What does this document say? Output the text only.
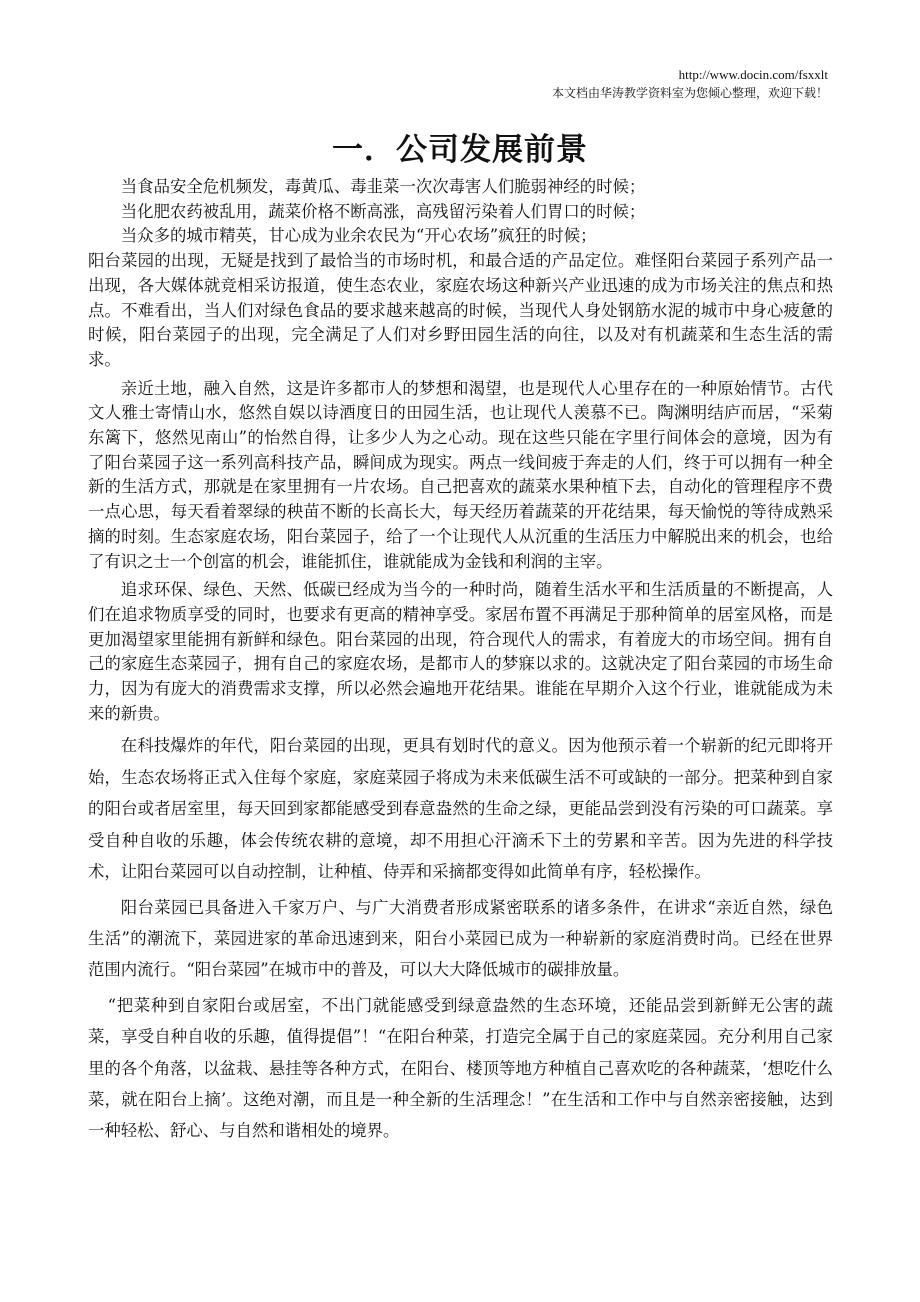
http://www.docin.com/fsxxlt
本文档由华涛教学资料室为您倾心整理，欢迎下载！
一．公司发展前景

当食品安全危机频发，毒黄瓜、毒韭菜一次次毒害人们脆弱神经的时候；

当化肥农药被乱用，蔬菜价格不断高涨，高残留污染着人们胃口的时候；

当众多的城市精英，甘心成为业余农民为“开心农场”疯狂的时候；

阳台菜园的出现，无疑是找到了最恰当的市场时机，和最合适的产品定位。难怪阳台菜园子系列产品一出现，各大媒体就竞相采访报道，使生态农业，家庭农场这种新兴产业迅速的成为市场关注的焦点和热点。不难看出，当人们对绿色食品的要求越来越高的时候，当现代人身处钢筋水泥的城市中身心疲惫的时候，阳台菜园子的出现，完全满足了人们对乡野田园生活的向往，以及对有机蔬菜和生态生活的需求。

亲近土地，融入自然，这是许多都市人的梦想和渴望，也是现代人心里存在的一种原始情节。古代文人雅士寄情山水，悠然自娱以诗酒度日的田园生活，也让现代人羡慕不已。陶渊明结庐而居，“采菊东篱下，悠然见南山”的怡然自得，让多少人为之心动。现在这些只能在字里行间体会的意境，因为有了阳台菜园子这一系列高科技产品，瞬间成为现实。两点一线间疲于奔走的人们，终于可以拥有一种全新的生活方式，那就是在家里拥有一片农场。自己把喜欢的蔬菜水果种植下去，自动化的管理程序不费一点心思，每天看着翠绿的秧苗不断的长高长大，每天经历着蔬菜的开花结果，每天愉悦的等待成熟采摘的时刻。生态家庭农场，阳台菜园子，给了一个让现代人从沉重的生活压力中解脱出来的机会，也给了有识之士一个创富的机会，谁能抓住，谁就能成为金钱和利润的主宰。

追求环保、绿色、天然、低碳已经成为当今的一种时尚，随着生活水平和生活质量的不断提高，人们在追求物质享受的同时，也要求有更高的精神享受。家居布置不再满足于那种简单的居室风格，而是更加渴望家里能拥有新鲜和绿色。阳台菜园的出现，符合现代人的需求，有着庞大的市场空间。拥有自己的家庭生态菜园子，拥有自己的家庭农场，是都市人的梦寐以求的。这就决定了阳台菜园的市场生命力，因为有庞大的消费需求支撑，所以必然会遍地开花结果。谁能在早期介入这个行业，谁就能成为未来的新贵。

在科技爆炸的年代，阳台菜园的出现，更具有划时代的意义。因为他预示着一个崭新的纪元即将开始，生态农场将正式入住每个家庭，家庭菜园子将成为未来低碳生活不可或缺的一部分。把菜种到自家的阳台或者居室里，每天回到家都能感受到春意盎然的生命之绿，更能品尝到没有污染的可口蔬菜。享受自种自收的乐趣，体会传统农耕的意境，却不用担心汗滴禾下土的劳累和辛苦。因为先进的科学技术，让阳台菜园可以自动控制，让种植、侍弄和采摘都变得如此简单有序，轻松操作。

阳台菜园已具备进入千家万户、与广大消费者形成紧密联系的诸多条件，在讲求“亲近自然，绿色生活”的潮流下，菜园进家的革命迅速到来，阳台小菜园已成为一种崭新的家庭消费时尚。已经在世界范围内流行。“阳台菜园”在城市中的普及，可以大大降低城市的碳排放量。

“把菜种到自家阳台或居室，不出门就能感受到绿意盎然的生态环境，还能品尝到新鲜无公害的蔬菜，享受自种自收的乐趣，值得提倡”！“在阳台种菜，打造完全属于自己的家庭菜园。充分利用自己家里的各个角落，以盆栽、悬挂等各种方式，在阳台、楼顶等地方种植自己喜欢吃的各种蔬菜，‘想吃什么菜，就在阳台上摘’。这绝对潮，而且是一种全新的生活理念！”在生活和工作中与自然亲密接触，达到一种轻松、舒心、与自然和谐相处的境界。
